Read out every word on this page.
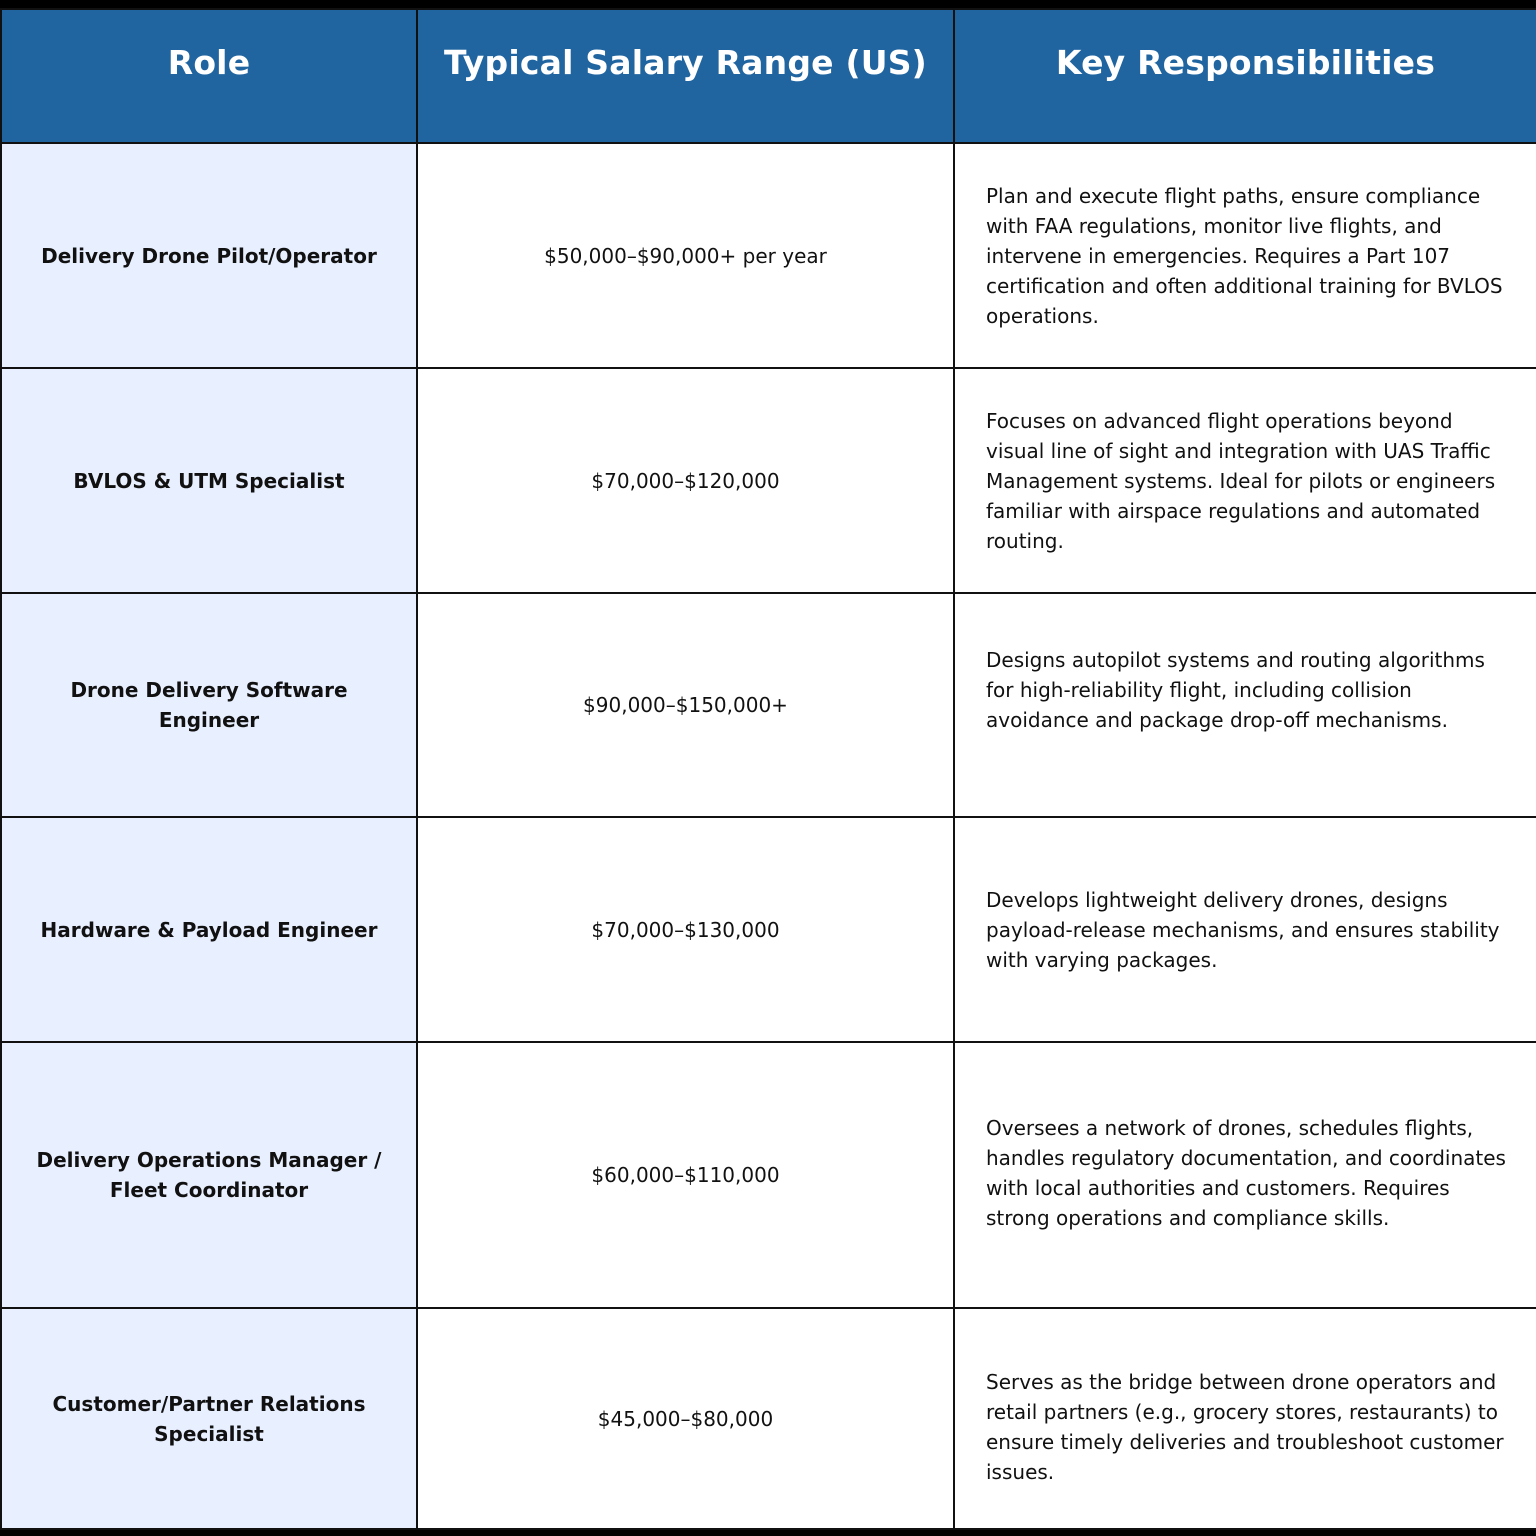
Role	Typical Salary Range (US)	Key Responsibilities
Delivery Drone Pilot/Operator	$50,000–$90,000+ per year	Plan and execute flight paths, ensure compliance with FAA regulations, monitor live flights, and intervene in emergencies. Requires a Part 107 certification and often additional training for BVLOS operations.

BVLOS & UTM Specialist	$70,000–$120,000	Focuses on advanced flight operations beyond visual line of sight and integration with UAS Traffic Management systems. Ideal for pilots or engineers familiar with airspace regulations and automated routing.

Drone Delivery Software Engineer	$90,000–$150,000+	Designs autopilot systems and routing algorithms for high-reliability flight, including collision avoidance and package drop-off mechanisms.

Hardware & Payload Engineer	$70,000–$130,000	Develops lightweight delivery drones, designs payload-release mechanisms, and ensures stability with varying packages.

Delivery Operations Manager / Fleet Coordinator	$60,000–$110,000	Oversees a network of drones, schedules flights, handles regulatory documentation, and coordinates with local authorities and customers. Requires strong operations and compliance skills.

Customer/Partner Relations Specialist	$45,000–$80,000	Serves as the bridge between drone operators and retail partners (e.g., grocery stores, restaurants) to ensure timely deliveries and troubleshoot customer issues.
